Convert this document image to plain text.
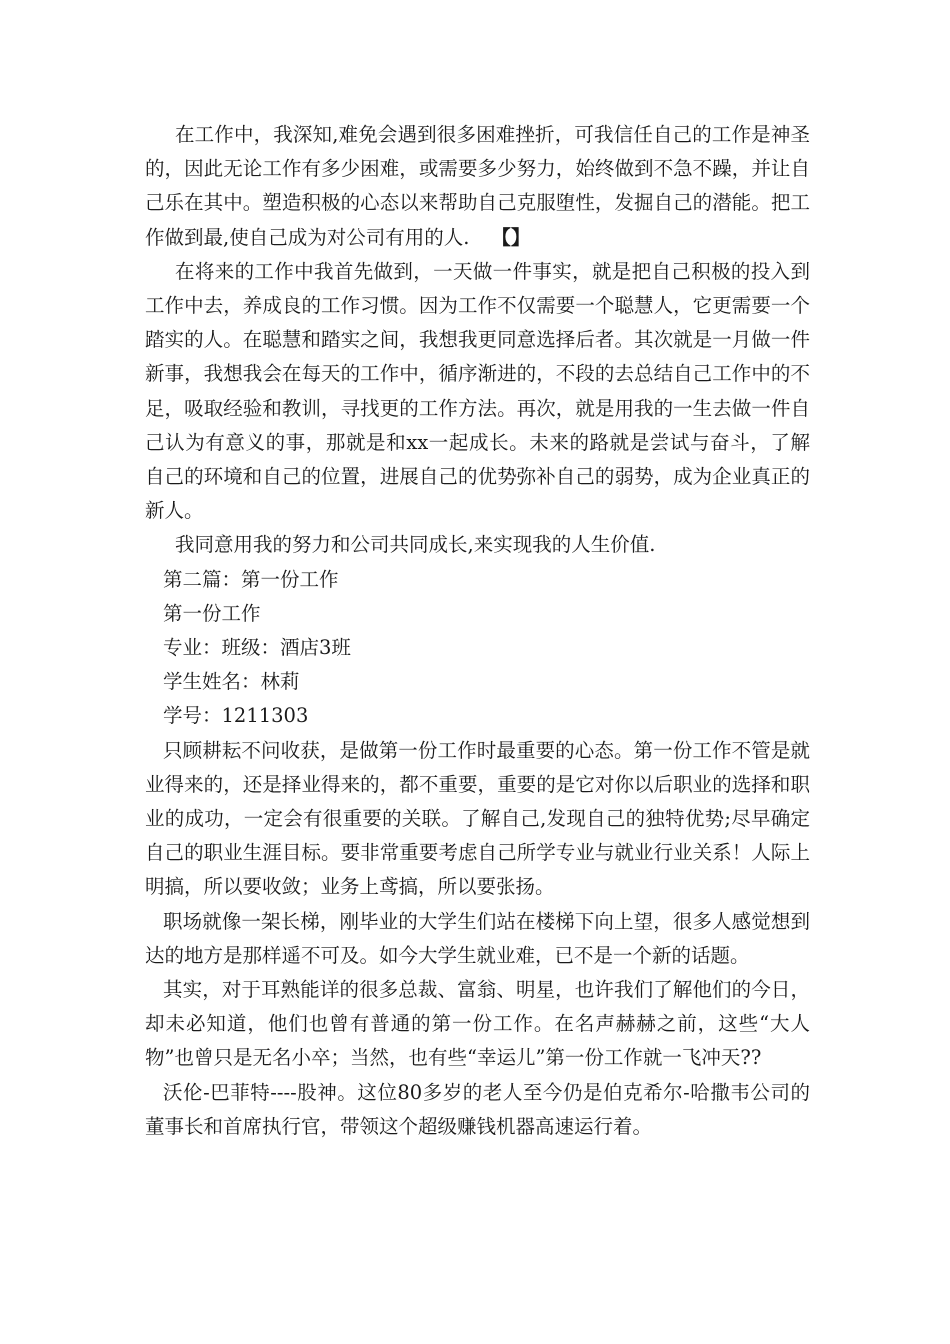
在工作中，我深知,难免会遇到很多困难挫折，可我信任自己的工作是神圣的，因此无论工作有多少困难，或需要多少努力，始终做到不急不躁，并让自己乐在其中。塑造积极的心态以来帮助自己克服堕性，发掘自己的潜能。把工作做到最,使自己成为对公司有用的人. 【】

在将来的工作中我首先做到，一天做一件事实，就是把自己积极的投入到工作中去，养成良的工作习惯。因为工作不仅需要一个聪慧人，它更需要一个踏实的人。在聪慧和踏实之间，我想我更同意选择后者。其次就是一月做一件新事，我想我会在每天的工作中，循序渐进的，不段的去总结自己工作中的不足，吸取经验和教训，寻找更的工作方法。再次，就是用我的一生去做一件自己认为有意义的事，那就是和xx一起成长。未来的路就是尝试与奋斗，了解自己的环境和自己的位置，进展自己的优势弥补自己的弱势，成为企业真正的新人。

我同意用我的努力和公司共同成长,来实现我的人生价值.

第二篇：第一份工作

第一份工作

专业：班级：酒店3班

学生姓名：林莉

学号：1211303

只顾耕耘不问收获，是做第一份工作时最重要的心态。第一份工作不管是就业得来的，还是择业得来的，都不重要，重要的是它对你以后职业的选择和职业的成功，一定会有很重要的关联。了解自己,发现自己的独特优势;尽早确定自己的职业生涯目标。要非常重要考虑自己所学专业与就业行业关系！人际上明搞，所以要收敛；业务上鸢搞，所以要张扬。

职场就像一架长梯，刚毕业的大学生们站在楼梯下向上望，很多人感觉想到达的地方是那样遥不可及。如今大学生就业难，已不是一个新的话题。

其实，对于耳熟能详的很多总裁、富翁、明星，也许我们了解他们的今日，却未必知道，他们也曾有普通的第一份工作。在名声赫赫之前，这些“大人物”也曾只是无名小卒；当然，也有些“幸运儿”第一份工作就一飞冲天??

沃伦-巴菲特----股神。这位80多岁的老人至今仍是伯克希尔-哈撒韦公司的董事长和首席执行官，带领这个超级赚钱机器高速运行着。
